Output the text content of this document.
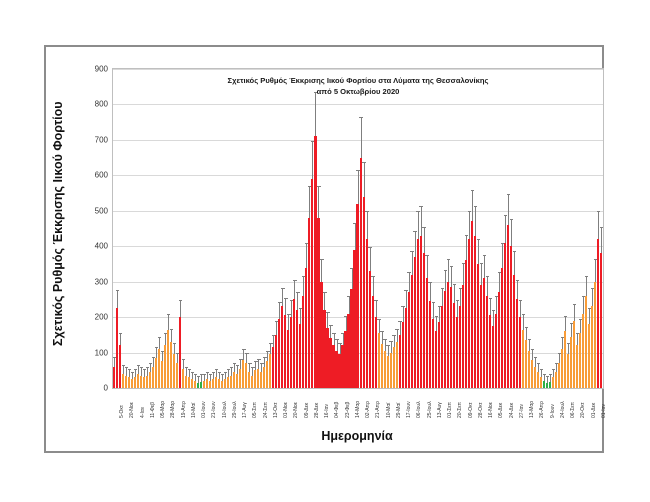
Σχετικός Ρυθμός Έκκρισης Ιικού Φορτίου
Σχετικός Ρυθμός Έκκρισης Ιικού Φορτίου στα Λύματα της Θεσσαλονίκης
από 5 Οκτωβρίου 2020
0
100
200
300
400
500
600
700
800
900
5-Οκτ 20-Νοε 4-Ιαν 11-Φεβ 05-Μαρ 28-Μαρ 19-Απρ 10-Μαϊ 01-Ιουν 21-Ιουν 10-Ιουλ 29-Ιουλ 17-Αυγ 05-Σεπ 24-Σεπ 13-Οκτ 01-Νοε 20-Νοε 09-Δεκ 28-Δεκ 16-Ιαν 04-Φεβ 23-Φεβ 14-Μαρ 02-Απρ 21-Απρ 10-Μαϊ 29-Μαϊ 17-Ιουν 06-Ιουλ 25-Ιουλ 13-Αυγ 01-Σεπ 20-Σεπ 09-Οκτ 28-Οκτ 16-Νοε 05-Δεκ 24-Δεκ 27-Ιαν 13-Μαρ 26-Απρ 9-Ιουν 24-Ιουλ 06-Σεπ 20-Οκτ 01-Δεκ 01-Ιαν
Ημερομηνία
